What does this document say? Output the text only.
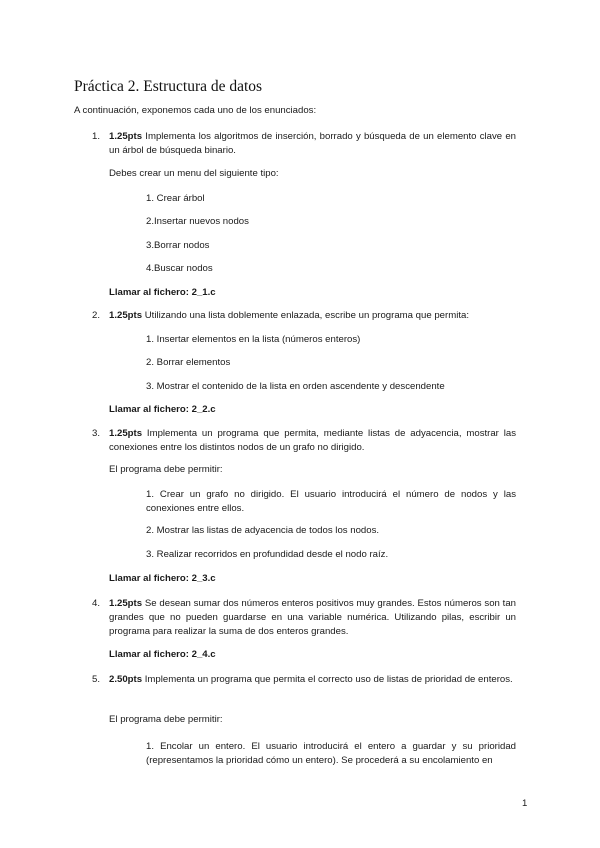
Práctica 2. Estructura de datos
A continuación, exponemos cada uno de los enunciados:
1. 1.25pts Implementa los algoritmos de inserción, borrado y búsqueda de un elemento clave en un árbol de búsqueda binario.
Debes crear un menu del siguiente tipo:
1. Crear árbol
2.Insertar nuevos nodos
3.Borrar nodos
4.Buscar nodos
Llamar al fichero: 2_1.c
2. 1.25pts Utilizando una lista doblemente enlazada, escribe un programa que permita:
1. Insertar elementos en la lista (números enteros)
2. Borrar elementos
3. Mostrar el contenido de la lista en orden ascendente y descendente
Llamar al fichero: 2_2.c
3. 1.25pts Implementa un programa que permita, mediante listas de adyacencia, mostrar las conexiones entre los distintos nodos de un grafo no dirigido.
El programa debe permitir:
1. Crear un grafo no dirigido. El usuario introducirá el número de nodos y las conexiones entre ellos.
2. Mostrar las listas de adyacencia de todos los nodos.
3. Realizar recorridos en profundidad desde el nodo raíz.
Llamar al fichero: 2_3.c
4. 1.25pts Se desean sumar dos números enteros positivos muy grandes. Estos números son tan grandes que no pueden guardarse en una variable numérica. Utilizando pilas, escribir un programa para realizar la suma de dos enteros grandes.
Llamar al fichero: 2_4.c
5. 2.50pts Implementa un programa que permita el correcto uso de listas de prioridad de enteros.
El programa debe permitir:
1. Encolar un entero. El usuario introducirá el entero a guardar y su prioridad (representamos la prioridad cómo un entero). Se procederá a su encolamiento en
1
